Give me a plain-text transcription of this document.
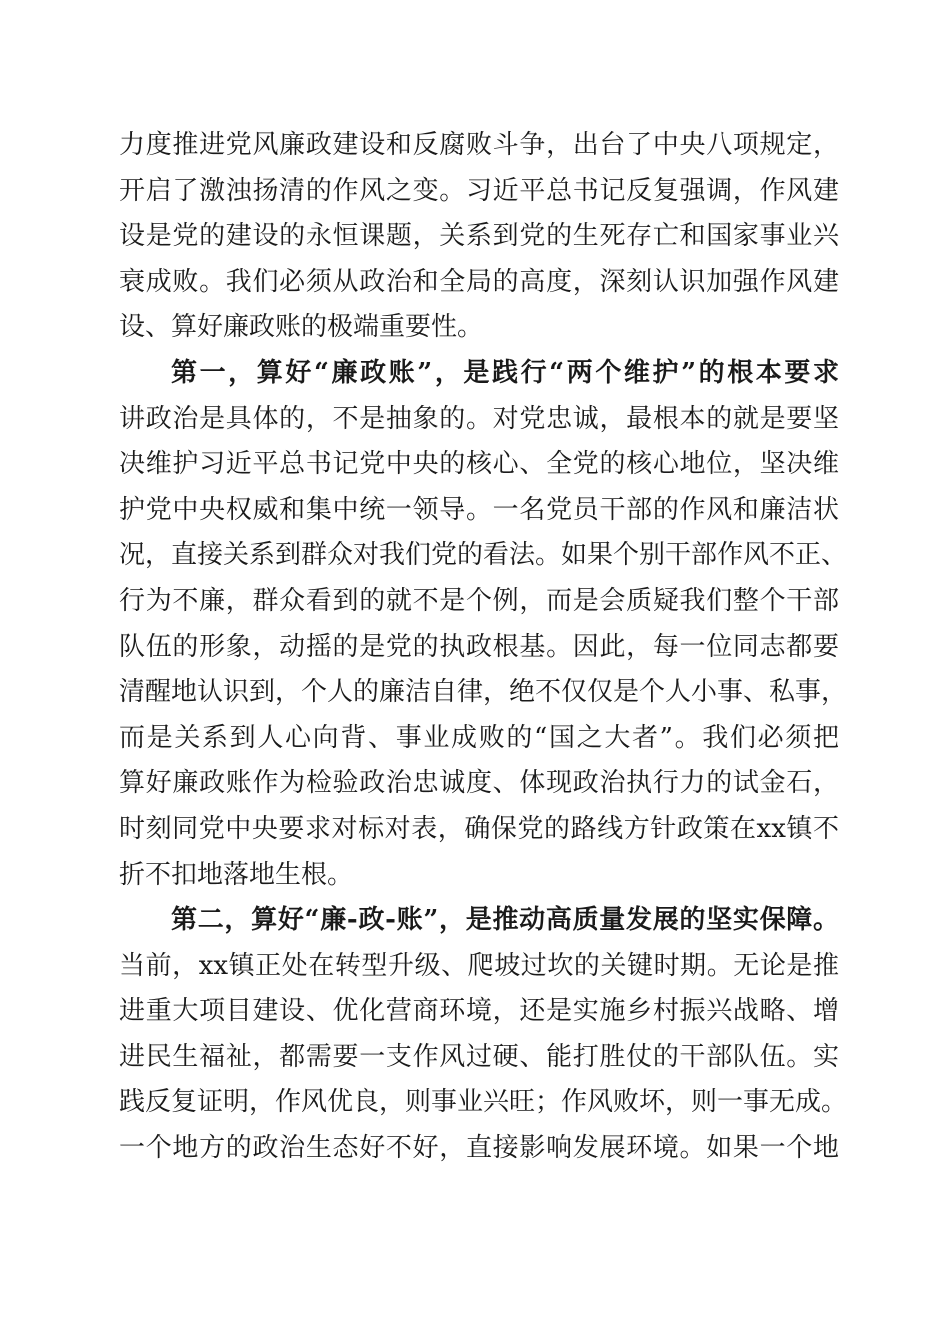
力度推进党风廉政建设和反腐败斗争，出台了中央八项规定，
开启了激浊扬清的作风之变。习近平总书记反复强调，作风建
设是党的建设的永恒课题，关系到党的生死存亡和国家事业兴
衰成败。我们必须从政治和全局的高度，深刻认识加强作风建
设、算好廉政账的极端重要性。
第一，算好“廉政账”，是践行“两个维护”的根本要求
讲政治是具体的，不是抽象的。对党忠诚，最根本的就是要坚
决维护习近平总书记党中央的核心、全党的核心地位，坚决维
护党中央权威和集中统一领导。一名党员干部的作风和廉洁状
况，直接关系到群众对我们党的看法。如果个别干部作风不正、
行为不廉，群众看到的就不是个例，而是会质疑我们整个干部
队伍的形象，动摇的是党的执政根基。因此，每一位同志都要
清醒地认识到，个人的廉洁自律，绝不仅仅是个人小事、私事，
而是关系到人心向背、事业成败的“国之大者”。我们必须把
算好廉政账作为检验政治忠诚度、体现政治执行力的试金石，
时刻同党中央要求对标对表，确保党的路线方针政策在xx镇不
折不扣地落地生根。
第二，算好“廉-政-账”，是推动高质量发展的坚实保障。
当前，xx镇正处在转型升级、爬坡过坎的关键时期。无论是推
进重大项目建设、优化营商环境，还是实施乡村振兴战略、增
进民生福祉，都需要一支作风过硬、能打胜仗的干部队伍。实
践反复证明，作风优良，则事业兴旺；作风败坏，则一事无成。
一个地方的政治生态好不好，直接影响发展环境。如果一个地
